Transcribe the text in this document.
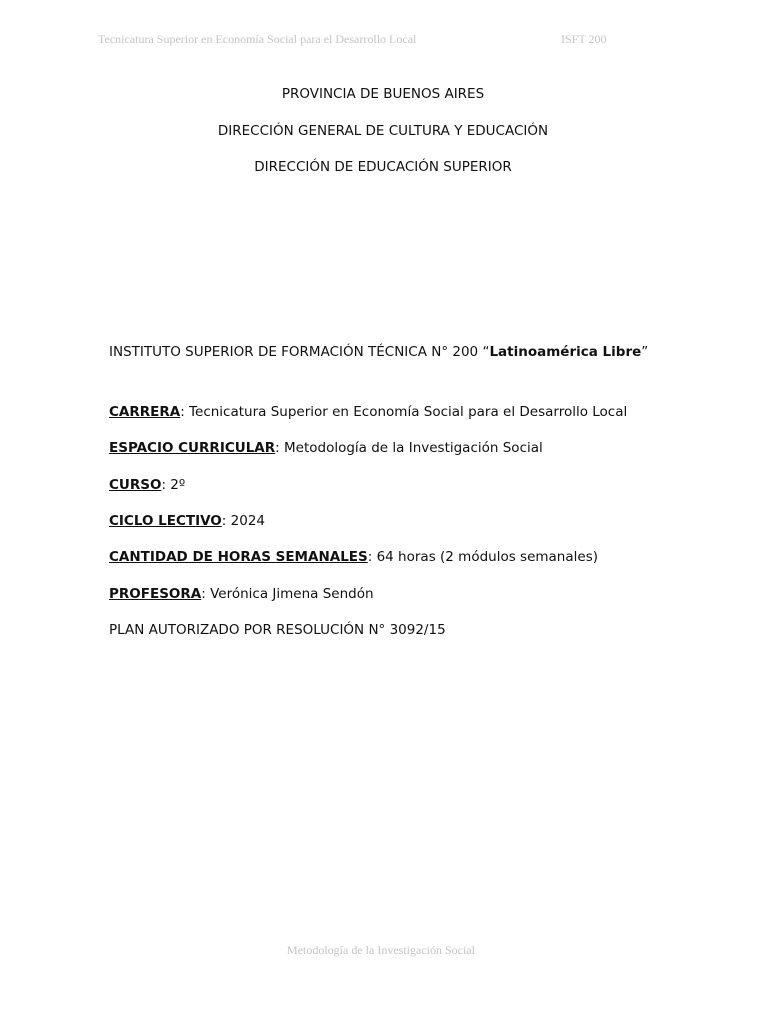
Tecnicatura Superior en Economía Social para el Desarrollo Local	ISFT 200
PROVINCIA DE BUENOS AIRES
DIRECCIÓN GENERAL DE CULTURA Y EDUCACIÓN
DIRECCIÓN DE EDUCACIÓN SUPERIOR
INSTITUTO SUPERIOR DE FORMACIÓN TÉCNICA N° 200 “Latinoamérica Libre”
CARRERA: Tecnicatura Superior en Economía Social para el Desarrollo Local
ESPACIO CURRICULAR: Metodología de la Investigación Social
CURSO: 2º
CICLO LECTIVO: 2024
CANTIDAD DE HORAS SEMANALES: 64 horas (2 módulos semanales)
PROFESORA: Verónica Jimena Sendón
PLAN AUTORIZADO POR RESOLUCIÓN N° 3092/15
Metodología de la Investigación Social
